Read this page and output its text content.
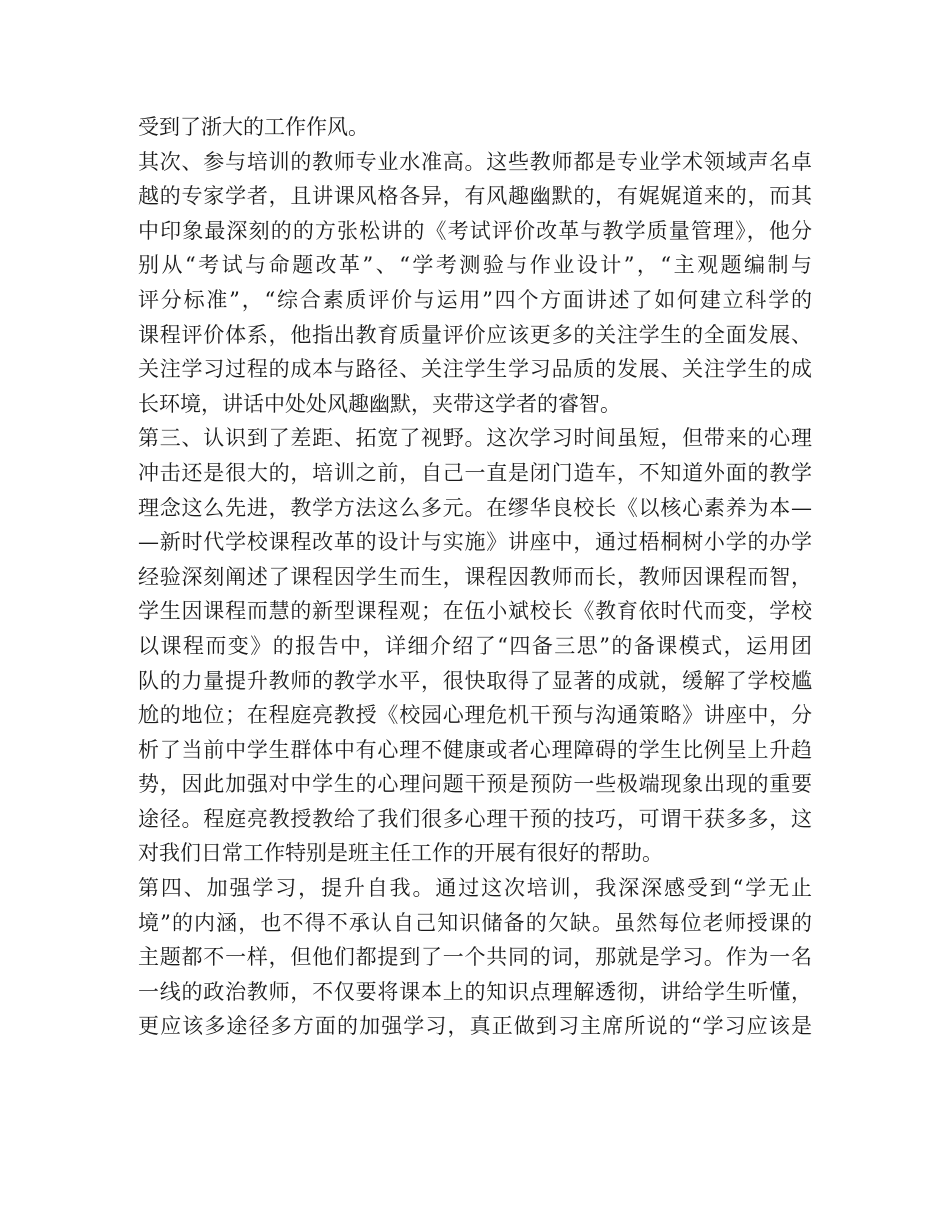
受到了浙大的工作作风。
其次、参与培训的教师专业水准高。这些教师都是专业学术领域声名卓
越的专家学者，且讲课风格各异，有风趣幽默的，有娓娓道来的，而其
中印象最深刻的的方张松讲的《考试评价改革与教学质量管理》，他分
别从“考试与命题改革”、“学考测验与作业设计”，“主观题编制与
评分标准”，“综合素质评价与运用”四个方面讲述了如何建立科学的
课程评价体系，他指出教育质量评价应该更多的关注学生的全面发展、
关注学习过程的成本与路径、关注学生学习品质的发展、关注学生的成
长环境，讲话中处处风趣幽默，夹带这学者的睿智。
第三、认识到了差距、拓宽了视野。这次学习时间虽短，但带来的心理
冲击还是很大的，培训之前，自己一直是闭门造车，不知道外面的教学
理念这么先进，教学方法这么多元。在缪华良校长《以核心素养为本—
—新时代学校课程改革的设计与实施》讲座中，通过梧桐树小学的办学
经验深刻阐述了课程因学生而生，课程因教师而长，教师因课程而智，
学生因课程而慧的新型课程观；在伍小斌校长《教育依时代而变，学校
以课程而变》的报告中，详细介绍了“四备三思”的备课模式，运用团
队的力量提升教师的教学水平，很快取得了显著的成就，缓解了学校尴
尬的地位；在程庭亮教授《校园心理危机干预与沟通策略》讲座中，分
析了当前中学生群体中有心理不健康或者心理障碍的学生比例呈上升趋
势，因此加强对中学生的心理问题干预是预防一些极端现象出现的重要
途径。程庭亮教授教给了我们很多心理干预的技巧，可谓干获多多，这
对我们日常工作特别是班主任工作的开展有很好的帮助。
第四、加强学习，提升自我。通过这次培训，我深深感受到“学无止
境”的内涵，也不得不承认自己知识储备的欠缺。虽然每位老师授课的
主题都不一样，但他们都提到了一个共同的词，那就是学习。作为一名
一线的政治教师，不仅要将课本上的知识点理解透彻，讲给学生听懂，
更应该多途径多方面的加强学习，真正做到习主席所说的“学习应该是
